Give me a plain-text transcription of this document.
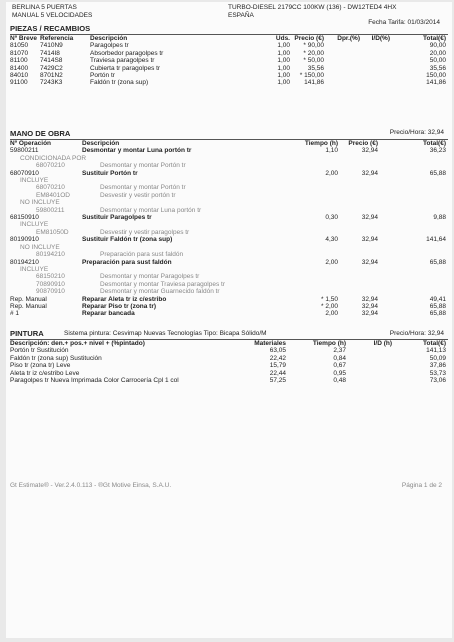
BERLINA 5 PUERTAS
MANUAL 5 VELOCIDADES
TURBO-DIESEL 2179CC 100KW (136) - DW12TED4 4HX
ESPAÑA
Fecha Tarifa: 01/03/2014
PIEZAS / RECAMBIOS
Nº Breve	Referencia	Descripción	Uds.	Precio (€)	Dpr.(%)	I/D(%)	Total(€)
81050	7410N9	Paragolpes tr	1,00	* 90,00			90,00
81070	7414I8	Absorbedor paragolpes tr	1,00	* 20,00			20,00
81100	7414S8	Traviesa paragolpes tr	1,00	* 50,00			50,00
81400	7429C2	Cubierta tr paragolpes tr	1,00	35,56			35,56
84010	8701N2	Portón tr	1,00	* 150,00			150,00
91100	7243K3	Faldón tr (zona sup)	1,00	141,86			141,86
MANO DE OBRA	Precio/Hora: 32,94
Nº Operación	Descripción	Tiempo (h)	Precio (€)	Total(€)
59800211	Desmontar y montar Luna portón tr	1,10	32,94	36,23
CONDICIONADA POR				
68070210	Desmontar y montar Portón tr			
68070910	Sustituir Portón tr	2,00	32,94	65,88
INCLUYE				
68070210	Desmontar y montar Portón tr			
EM8401OD	Desvestir y vestir portón tr			
NO INCLUYE				
59800211	Desmontar y montar Luna portón tr			
68150910	Sustituir Paragolpes tr	0,30	32,94	9,88
INCLUYE				
EM81050D	Desvestir y vestir paragolpes tr			
80190910	Sustituir Faldón tr (zona sup)	4,30	32,94	141,64
NO INCLUYE				
80194210	Preparación para sust faldón			
80194210	Preparación para sust faldón	2,00	32,94	65,88
INCLUYE				
68150210	Desmontar y montar Paragolpes tr			
70890910	Desmontar y montar Traviesa paragolpes tr			
90870910	Desmontar y montar Guarnecido faldón tr			
Rep. Manual	Reparar Aleta tr iz c/estribo	* 1,50	32,94	49,41
Rep. Manual	Reparar Piso tr (zona tr)	* 2,00	32,94	65,88
# 1	Reparar bancada	2,00	32,94	65,88
PINTURA	Sistema pintura: Cesvimap Nuevas Tecnologías Tipo: Bicapa Sólido/M	Precio/Hora: 32,94
Descripción: den.+ pos.+ nivel + (%pintado)	Materiales	Tiempo (h)	I/D (h)	Total(€)
Portón tr Sustitución	63,05	2,37		141,13
Faldón tr (zona sup) Sustitución	22,42	0,84		50,09
Piso tr (zona tr) Leve	15,79	0,67		37,86
Aleta tr iz c/estribo Leve	22,44	0,95		53,73
Paragolpes tr Nueva Imprimada Color Carrocería Cpl 1 col	57,25	0,48		73,06
Gt Estimate® - Ver.2.4.0.113 - ®Gt Motive Einsa, S.A.U.	Página 1 de 2
